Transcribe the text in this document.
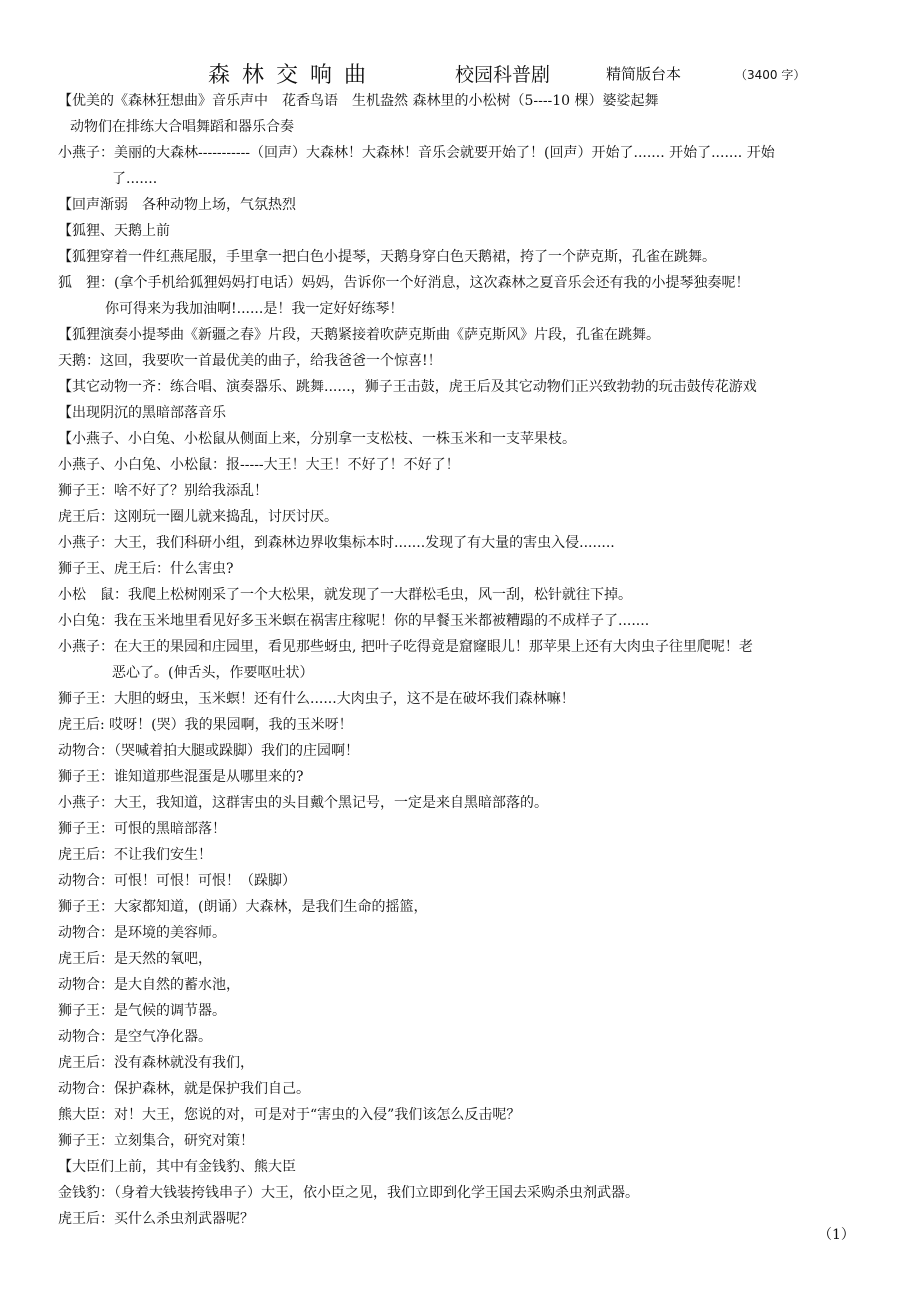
森林交响曲	校园科普剧	精简版台本	（3400 字）
【优美的《森林狂想曲》音乐声中　花香鸟语　生机盎然 森林里的小松树（5----10 棵）婆娑起舞
动物们在排练大合唱舞蹈和器乐合奏
小燕子：美丽的大森林-----------（回声）大森林！大森林！音乐会就要开始了！(回声）开始了....... 开始了....... 开始
了.......
【回声渐弱　各种动物上场，气氛热烈
【狐狸、天鹅上前
【狐狸穿着一件红燕尾服，手里拿一把白色小提琴，天鹅身穿白色天鹅裙，挎了一个萨克斯，孔雀在跳舞。
狐　狸：(拿个手机给狐狸妈妈打电话）妈妈，告诉你一个好消息，这次森林之夏音乐会还有我的小提琴独奏呢！
你可得来为我加油啊!......是！我一定好好练琴！
【狐狸演奏小提琴曲《新疆之春》片段，天鹅紧接着吹萨克斯曲《萨克斯风》片段，孔雀在跳舞。
天鹅：这回，我要吹一首最优美的曲子，给我爸爸一个惊喜!！
【其它动物一齐：练合唱、演奏器乐、跳舞......，狮子王击鼓，虎王后及其它动物们正兴致勃勃的玩击鼓传花游戏
【出现阴沉的黑暗部落音乐
【小燕子、小白兔、小松鼠从侧面上来，分别拿一支松枝、一株玉米和一支苹果枝。
小燕子、小白兔、小松鼠：报-----大王！大王！不好了！不好了！
狮子王：啥不好了？别给我添乱！
虎王后：这刚玩一圈儿就来捣乱，讨厌讨厌。
小燕子：大王，我们科研小组，到森林边界收集标本时.......发现了有大量的害虫入侵........
狮子王、虎王后：什么害虫?
小松　鼠：我爬上松树刚采了一个大松果，就发现了一大群松毛虫，风一刮，松针就往下掉。
小白兔：我在玉米地里看见好多玉米螟在祸害庄稼呢！你的早餐玉米都被糟蹋的不成样子了.......
小燕子：在大王的果园和庄园里，看见那些蚜虫, 把叶子吃得竟是窟窿眼儿！那苹果上还有大肉虫子往里爬呢！老
恶心了。(伸舌头，作要呕吐状）
狮子王：大胆的蚜虫，玉米螟！还有什么......大肉虫子，这不是在破坏我们森林嘛！
虎王后: 哎呀！(哭）我的果园啊，我的玉米呀！
动物合：（哭喊着拍大腿或跺脚）我们的庄园啊！
狮子王：谁知道那些混蛋是从哪里来的?
小燕子：大王，我知道，这群害虫的头目戴个黑记号，一定是来自黑暗部落的。
狮子王：可恨的黑暗部落！
虎王后：不让我们安生！
动物合：可恨！可恨！可恨！（跺脚）
狮子王：大家都知道，(朗诵）大森林，是我们生命的摇篮，
动物合：是环境的美容师。
虎王后：是天然的氧吧，
动物合：是大自然的蓄水池，
狮子王：是气候的调节器。
动物合：是空气净化器。
虎王后：没有森林就没有我们，
动物合：保护森林，就是保护我们自己。
熊大臣：对！大王，您说的对，可是对于“害虫的入侵”我们该怎么反击呢？
狮子王：立刻集合，研究对策！
【大臣们上前，其中有金钱豹、熊大臣
金钱豹：（身着大钱装挎钱串子）大王，依小臣之见，我们立即到化学王国去采购杀虫剂武器。
虎王后：买什么杀虫剂武器呢？
（1）
